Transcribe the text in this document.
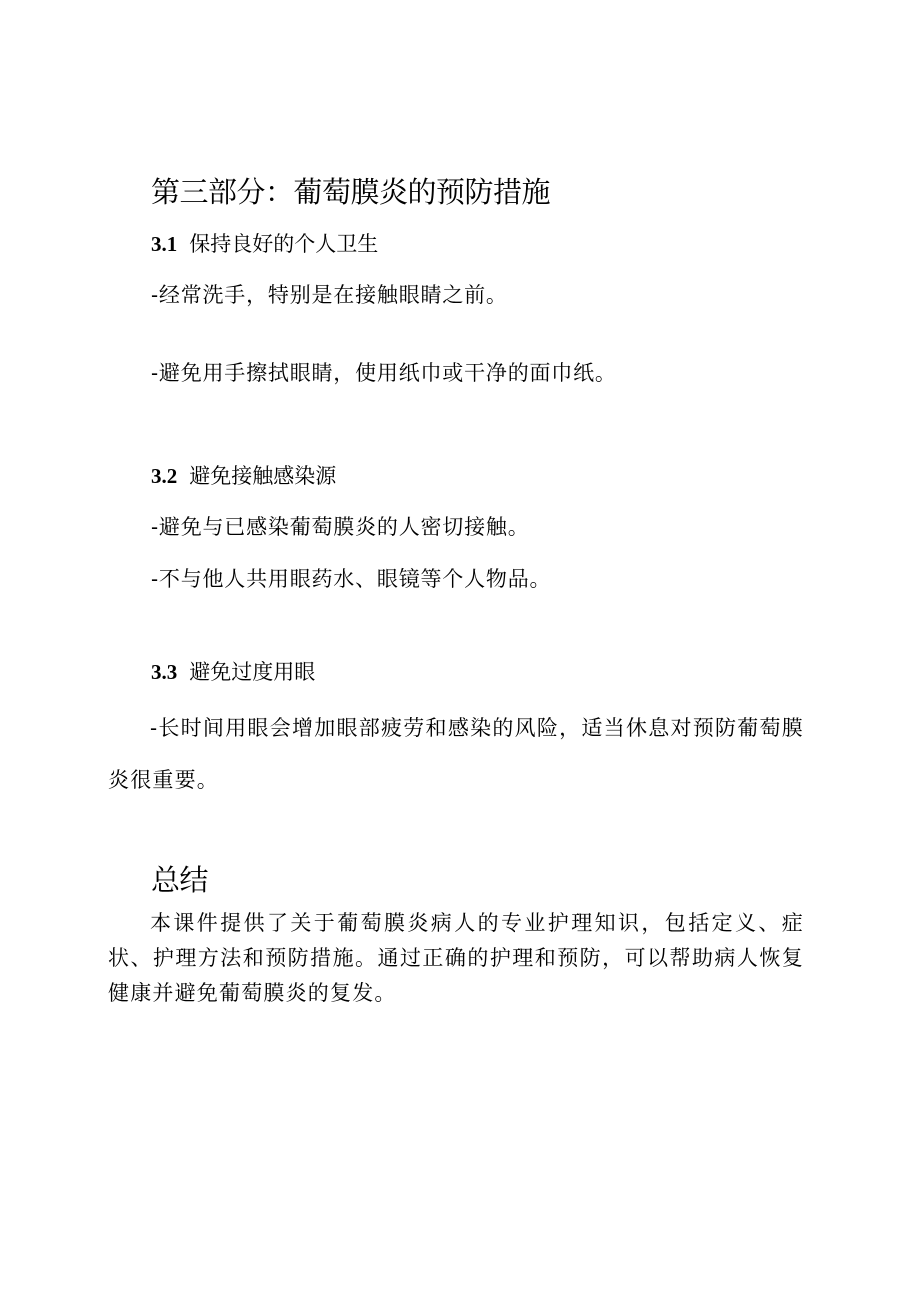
第三部分：葡萄膜炎的预防措施
3.1 保持良好的个人卫生

-经常洗手，特别是在接触眼睛之前。

-避免用手擦拭眼睛，使用纸巾或干净的面巾纸。

3.2 避免接触感染源

-避免与已感染葡萄膜炎的人密切接触。

-不与他人共用眼药水、眼镜等个人物品。

3.3 避免过度用眼

-长时间用眼会增加眼部疲劳和感染的风险，适当休息对预防葡萄膜炎很重要。

总结

本课件提供了关于葡萄膜炎病人的专业护理知识，包括定义、症状、护理方法和预防措施。通过正确的护理和预防，可以帮助病人恢复健康并避免葡萄膜炎的复发。
